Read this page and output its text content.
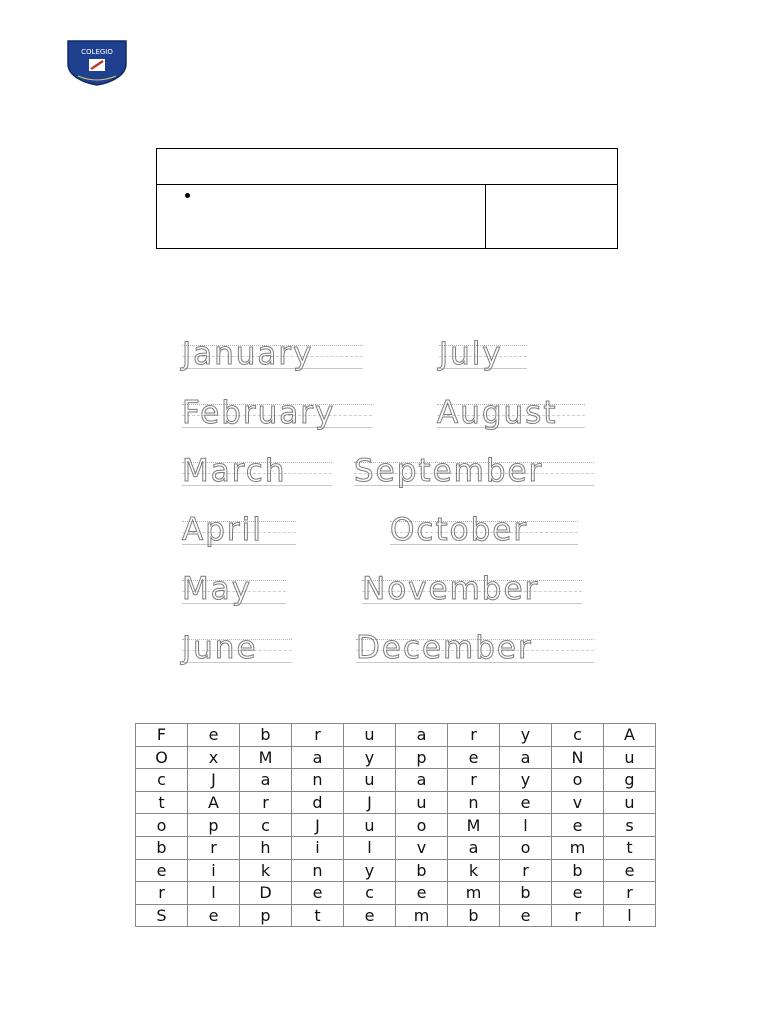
COLEGIO
January	July
February	August
March September
April	October
May	November
June	December
F	e	b	r	u	a	r	y	c	A
O	x	M	a	y	p	e	a	N	u
c	J	a	n	u	a	r	y	o	g
t	A	r	d	J	u	n	e	v	u
o	p	c	J	u	o	M	l	e	s
b	r	h	i	l	v	a	o	m	t
e	i	k	n	y	b	k	r	b	e
r	l	D	e	c	e	m	b	e	r
S	e	p	t	e	m	b	e	r	l
